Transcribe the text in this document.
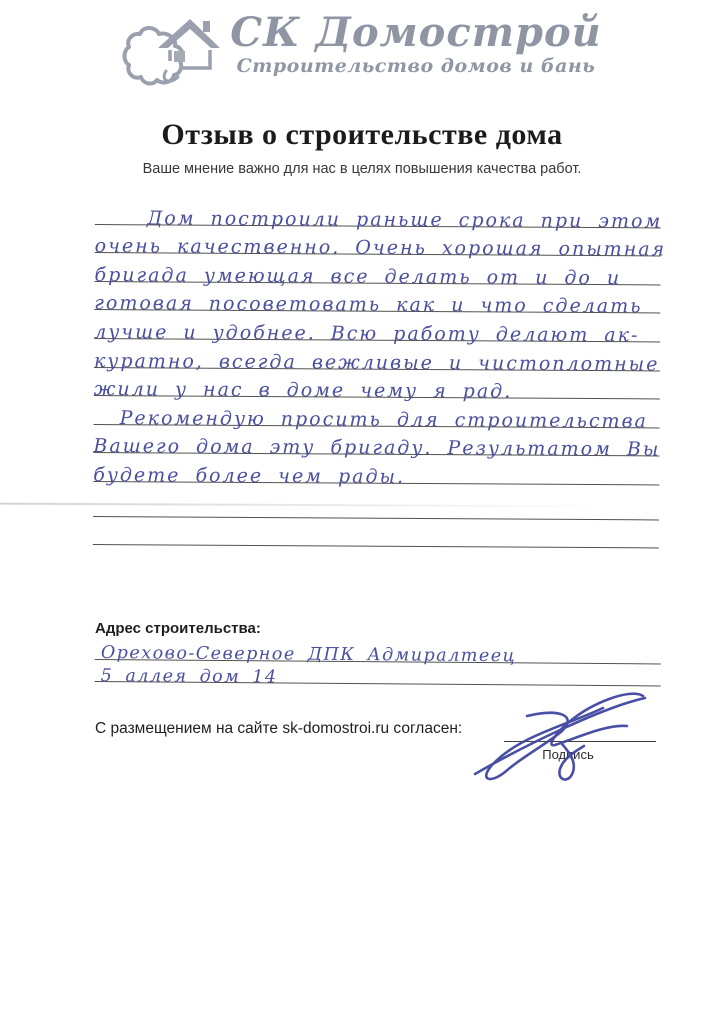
СК Домострой
Строительство домов и бань
Отзыв о строительстве дома
Ваше мнение важно для нас в целях повышения качества работ.
Дом построили раньше срока при этом
очень качественно. Очень хорошая опытная
бригада умеющая все делать от и до и
готовая посоветовать как и что сделать
лучше и удобнее. Всю работу делают ак-
куратно, всегда вежливые и чистоплотные
жили у нас в доме чему я рад.
Рекомендую просить для строительства
Вашего дома эту бригаду. Результатом Вы
будете более чем рады.
Адрес строительства:
Орехово-Северное ДПК Адмиралтеец
5 аллея дом 14
С размещением на сайте sk-domostroi.ru согласен:
Подпись
